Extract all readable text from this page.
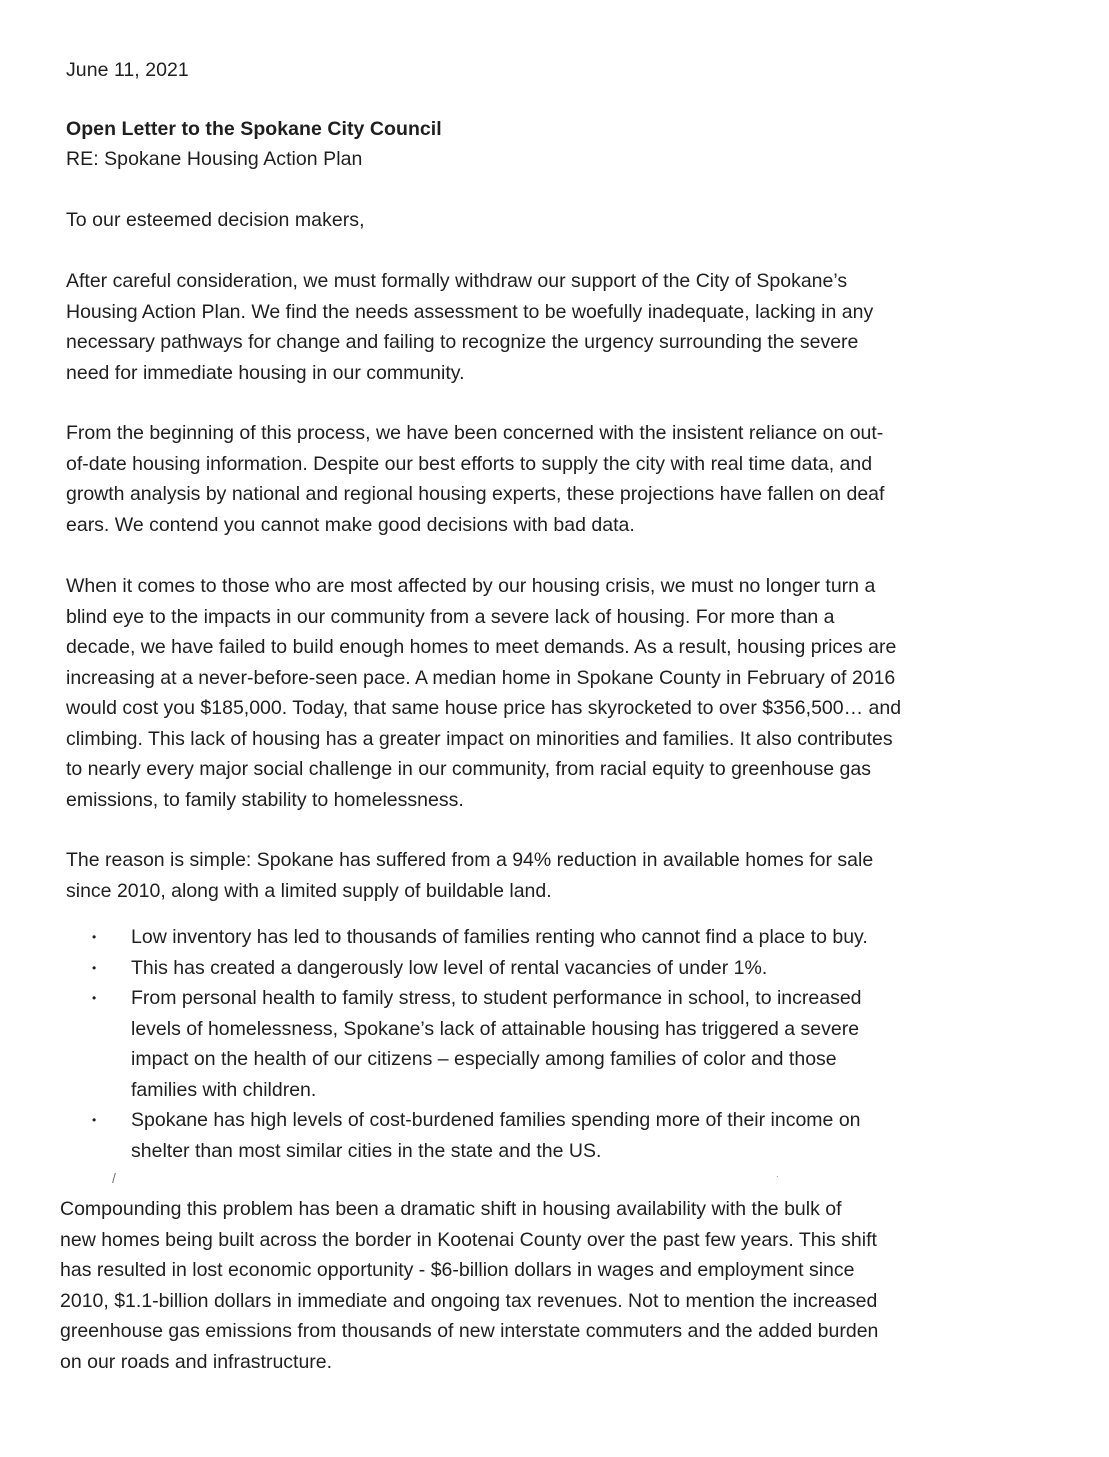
June 11, 2021
Open Letter to the Spokane City Council
RE: Spokane Housing Action Plan
To our esteemed decision makers,
After careful consideration, we must formally withdraw our support of the City of Spokane’s
Housing Action Plan. We find the needs assessment to be woefully inadequate, lacking in any
necessary pathways for change and failing to recognize the urgency surrounding the severe
need for immediate housing in our community.
From the beginning of this process, we have been concerned with the insistent reliance on out-
of-date housing information. Despite our best efforts to supply the city with real time data, and
growth analysis by national and regional housing experts, these projections have fallen on deaf
ears. We contend you cannot make good decisions with bad data.
When it comes to those who are most affected by our housing crisis, we must no longer turn a
blind eye to the impacts in our community from a severe lack of housing. For more than a
decade, we have failed to build enough homes to meet demands. As a result, housing prices are
increasing at a never-before-seen pace. A median home in Spokane County in February of 2016
would cost you $185,000. Today, that same house price has skyrocketed to over $356,500… and
climbing. This lack of housing has a greater impact on minorities and families. It also contributes
to nearly every major social challenge in our community, from racial equity to greenhouse gas
emissions, to family stability to homelessness.
The reason is simple: Spokane has suffered from a 94% reduction in available homes for sale
since 2010, along with a limited supply of buildable land.
• Low inventory has led to thousands of families renting who cannot find a place to buy.
• This has created a dangerously low level of rental vacancies of under 1%.
• From personal health to family stress, to student performance in school, to increased
levels of homelessness, Spokane’s lack of attainable housing has triggered a severe
impact on the health of our citizens – especially among families of color and those
families with children.
• Spokane has high levels of cost-burdened families spending more of their income on
shelter than most similar cities in the state and the US.
Compounding this problem has been a dramatic shift in housing availability with the bulk of
new homes being built across the border in Kootenai County over the past few years. This shift
has resulted in lost economic opportunity - $6-billion dollars in wages and employment since
2010, $1.1-billion dollars in immediate and ongoing tax revenues. Not to mention the increased
greenhouse gas emissions from thousands of new interstate commuters and the added burden
on our roads and infrastructure.
/	·
